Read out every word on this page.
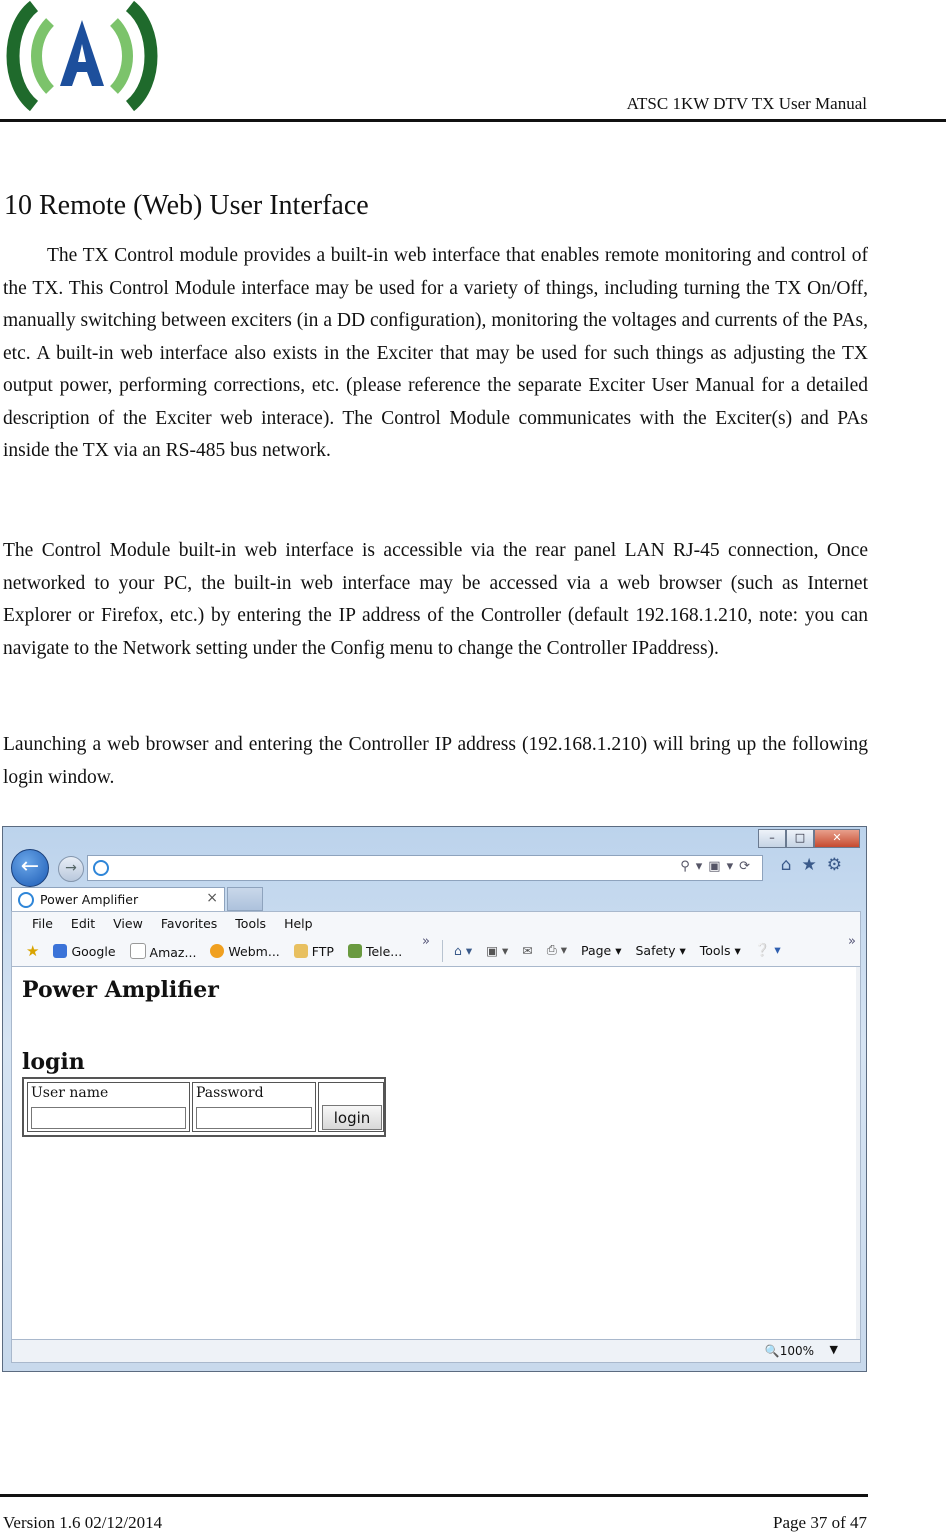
ATSC 1KW DTV TX User Manual
10 Remote (Web) User Interface

The TX Control module provides a built-in web interface that enables remote monitoring and control of the TX. This Control Module interface may be used for a variety of things, including turning the TX On/Off, manually switching between exciters (in a DD configuration), monitoring the voltages and currents of the PAs, etc. A built-in web interface also exists in the Exciter that may be used for such things as adjusting the TX output power, performing corrections, etc. (please reference the separate Exciter User Manual for a detailed description of the Exciter web interace). The Control Module communicates with the Exciter(s) and PAs inside the TX via an RS-485 bus network.

The Control Module built-in web interface is accessible via the rear panel LAN RJ-45 connection, Once networked to your PC, the built-in web interface may be accessed via a web browser (such as Internet Explorer or Firefox, etc.) by entering the IP address of the Controller (default 192.168.1.210, note: you can navigate to the Network setting under the Config menu to change the Controller IPaddress).

Launching a web browser and entering the Controller IP address (192.168.1.210) will bring up the following login window.

–	□	✕
←	→	⚲▾▣▾⟳ ⌂★⚙
Power Amplifier	×
File Edit View Favorites Tools Help
★	Google	Amaz...	Webm...	FTP	Tele...
»
⌂ ▾ ▣ ▾ ✉ ⎙ ▾ Page ▾ Safety ▾ Tools ▾ ❔ ▾
»
Power Amplifier
login
User name	Password
login
🔍100% ▼
Version 1.6 02/12/2014	Page 37 of 47
